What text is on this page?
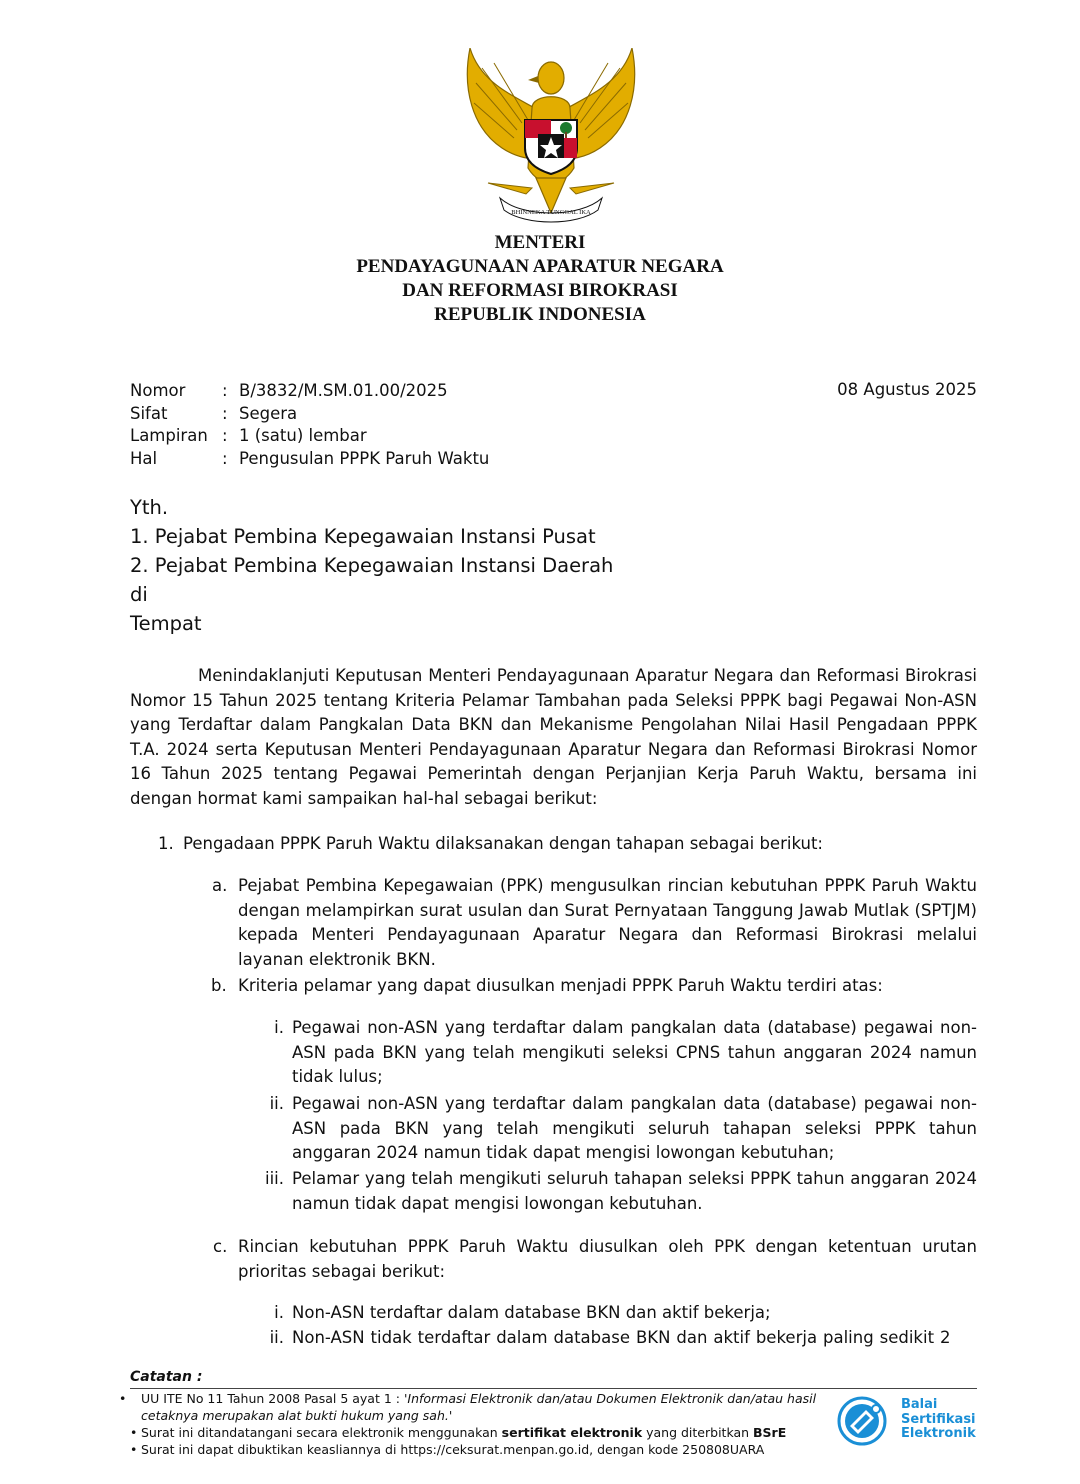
BHINNEKA TUNGGAL IKA
MENTERI
PENDAYAGUNAAN APARATUR NEGARA
DAN REFORMASI BIROKRASI
REPUBLIK INDONESIA
Nomor : B/3832/M.SM.01.00/2025
Sifat	: Segera
Lampiran : 1 (satu) lembar
Hal	: Pengusulan PPPK Paruh Waktu
08 Agustus 2025
Yth.
1. Pejabat Pembina Kepegawaian Instansi Pusat
2. Pejabat Pembina Kepegawaian Instansi Daerah
di
Tempat
Menindaklanjuti Keputusan Menteri Pendayagunaan Aparatur Negara dan Reformasi Birokrasi Nomor 15 Tahun 2025 tentang Kriteria Pelamar Tambahan pada Seleksi PPPK bagi Pegawai Non-ASN yang Terdaftar dalam Pangkalan Data BKN dan Mekanisme Pengolahan Nilai Hasil Pengadaan PPPK T.A. 2024 serta Keputusan Menteri Pendayagunaan Aparatur Negara dan Reformasi Birokrasi Nomor 16 Tahun 2025 tentang Pegawai Pemerintah dengan Perjanjian Kerja Paruh Waktu, bersama ini dengan hormat kami sampaikan hal-hal sebagai berikut:
1. Pengadaan PPPK Paruh Waktu dilaksanakan dengan tahapan sebagai berikut:
a. Pejabat Pembina Kepegawaian (PPK) mengusulkan rincian kebutuhan PPPK Paruh Waktu dengan melampirkan surat usulan dan Surat Pernyataan Tanggung Jawab Mutlak (SPTJM) kepada Menteri Pendayagunaan Aparatur Negara dan Reformasi Birokrasi melalui layanan elektronik BKN.
b. Kriteria pelamar yang dapat diusulkan menjadi PPPK Paruh Waktu terdiri atas:
i. Pegawai non-ASN yang terdaftar dalam pangkalan data (database) pegawai non-ASN pada BKN yang telah mengikuti seleksi CPNS tahun anggaran 2024 namun tidak lulus;
ii. Pegawai non-ASN yang terdaftar dalam pangkalan data (database) pegawai non-ASN pada BKN yang telah mengikuti seluruh tahapan seleksi PPPK tahun anggaran 2024 namun tidak dapat mengisi lowongan kebutuhan;
iii. Pelamar yang telah mengikuti seluruh tahapan seleksi PPPK tahun anggaran 2024 namun tidak dapat mengisi lowongan kebutuhan.
c. Rincian kebutuhan PPPK Paruh Waktu diusulkan oleh PPK dengan ketentuan urutan prioritas sebagai berikut:
i. Non-ASN terdaftar dalam database BKN dan aktif bekerja;
ii. Non-ASN tidak terdaftar dalam database BKN dan aktif bekerja paling sedikit 2
Catatan :
• UU ITE No 11 Tahun 2008 Pasal 5 ayat 1 : 'Informasi Elektronik dan/atau Dokumen Elektronik dan/atau hasil cetaknya merupakan alat bukti hukum yang sah.'
• Surat ini ditandatangani secara elektronik menggunakan sertifikat elektronik yang diterbitkan BSrE
• Surat ini dapat dibuktikan keasliannya di https://ceksurat.menpan.go.id, dengan kode 250808UARA
Balai
Sertifikasi
Elektronik
